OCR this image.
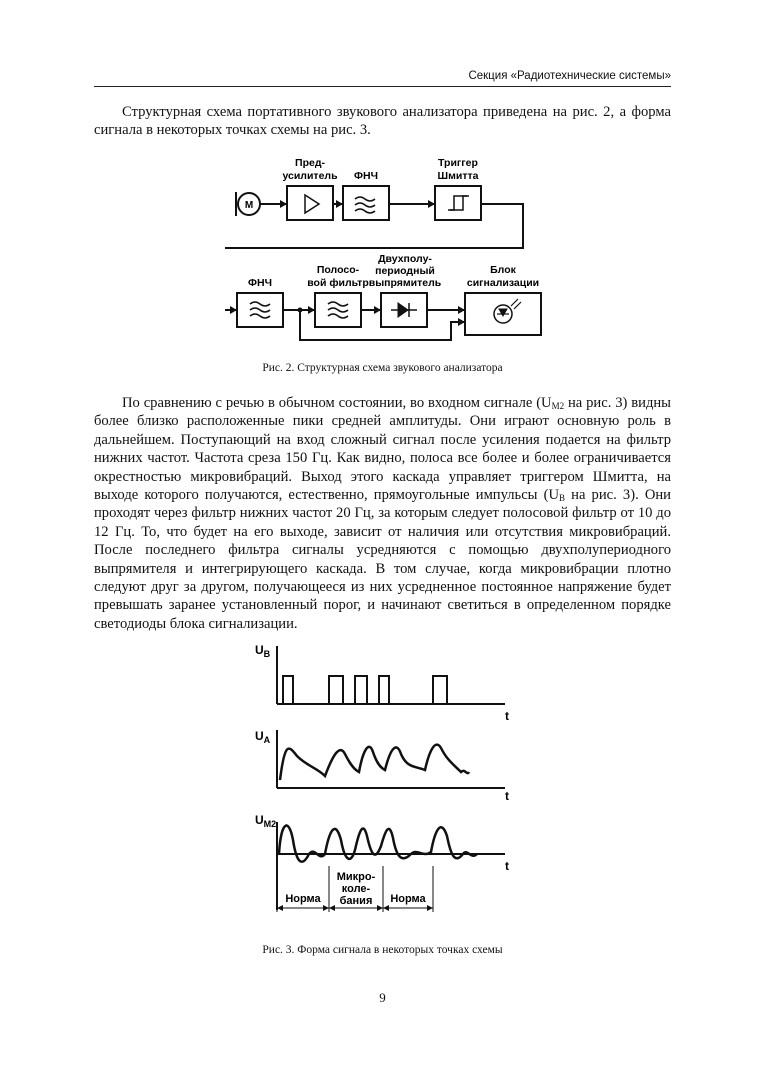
Секция «Радиотехнические системы»

Структурная схема портативного звукового анализатора приведена на рис. 2, а форма сигнала в некоторых точках схемы на рис. 3.

M
Пред-
усилитель ФНЧ
Триггер
Шмитта
ФНЧ
Полосо-
вой фильтр
Двухполу-
периодный
выпрямитель
Блок
сигнализации

Рис. 2. Структурная схема звукового анализатора

По сравнению с речью в обычном состоянии, во входном сигнале ($U_{M2}$ на рис. 3) видны более близко расположенные пики средней амплитуды. Они играют основную роль в дальнейшем. Поступающий на вход сложный сигнал после усиления подается на фильтр нижних частот. Частота среза 150 Гц. Как видно, полоса все более и более ограничивается окрестностью микровибраций. Выход этого каскада управляет триггером Шмитта, на выходе которого получаются, естественно, прямоугольные импульсы ($U_B$ на рис. 3). Они проходят через фильтр нижних частот 20 Гц, за которым следует полосовой фильтр от 10 до 12 Гц. То, что будет на его выходе, зависит от наличия или отсутствия микровибраций. После последнего фильтра сигналы усредняются с помощью двухполупериодного выпрямителя и интегрирующего каскада. В том случае, когда микровибрации плотно следуют друг за другом, получающееся из них усредненное постоянное напряжение будет превышать заранее установленный порог, и начинают светиться в определенном порядке светодиоды блока сигнализации.

$U_B$
$U_A$
$U_{M2}$
t
t
t
Норма
Микро-
коле-
бания Норма

Рис. 3. Форма сигнала в некоторых точках схемы

9
